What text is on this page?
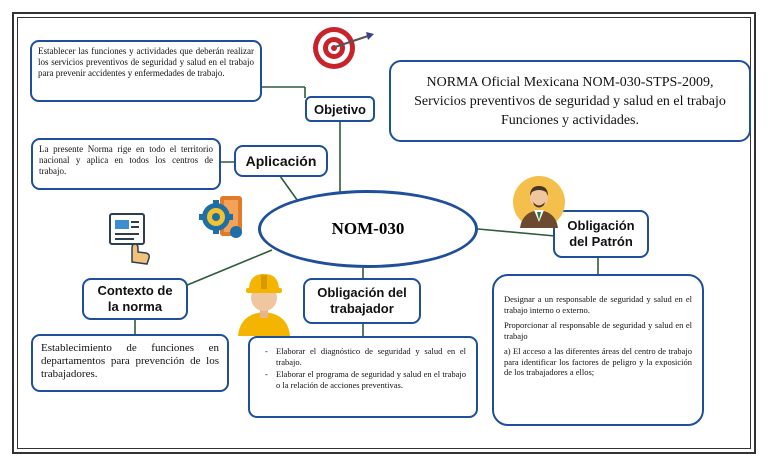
Establecer las funciones y actividades que deberán realizar los servicios preventivos de seguridad y salud en el trabajo para prevenir accidentes y enfermedades de trabajo.
Objetivo
NORMA Oficial Mexicana NOM-030-STPS-2009, Servicios preventivos de seguridad y salud en el trabajo Funciones y actividades.
La presente Norma rige en todo el territorio nacional y aplica en todos los centros de trabajo.
Aplicación
NOM-030
Contexto de
la norma
Establecimiento de funciones en departamentos para prevención de los trabajadores.
Obligación del
trabajador
- Elaborar el diagnóstico de seguridad y salud en el trabajo.
- Elaborar el programa de seguridad y salud en el trabajo o la relación de acciones preventivas.
Obligación
del Patrón

Designar a un responsable de seguridad y salud en el trabajo interno o externo.

Proporcionar al responsable de seguridad y salud en el trabajo

a) El acceso a las diferentes áreas del centro de trabajo para identificar los factores de peligro y la exposición de los trabajadores a ellos;
